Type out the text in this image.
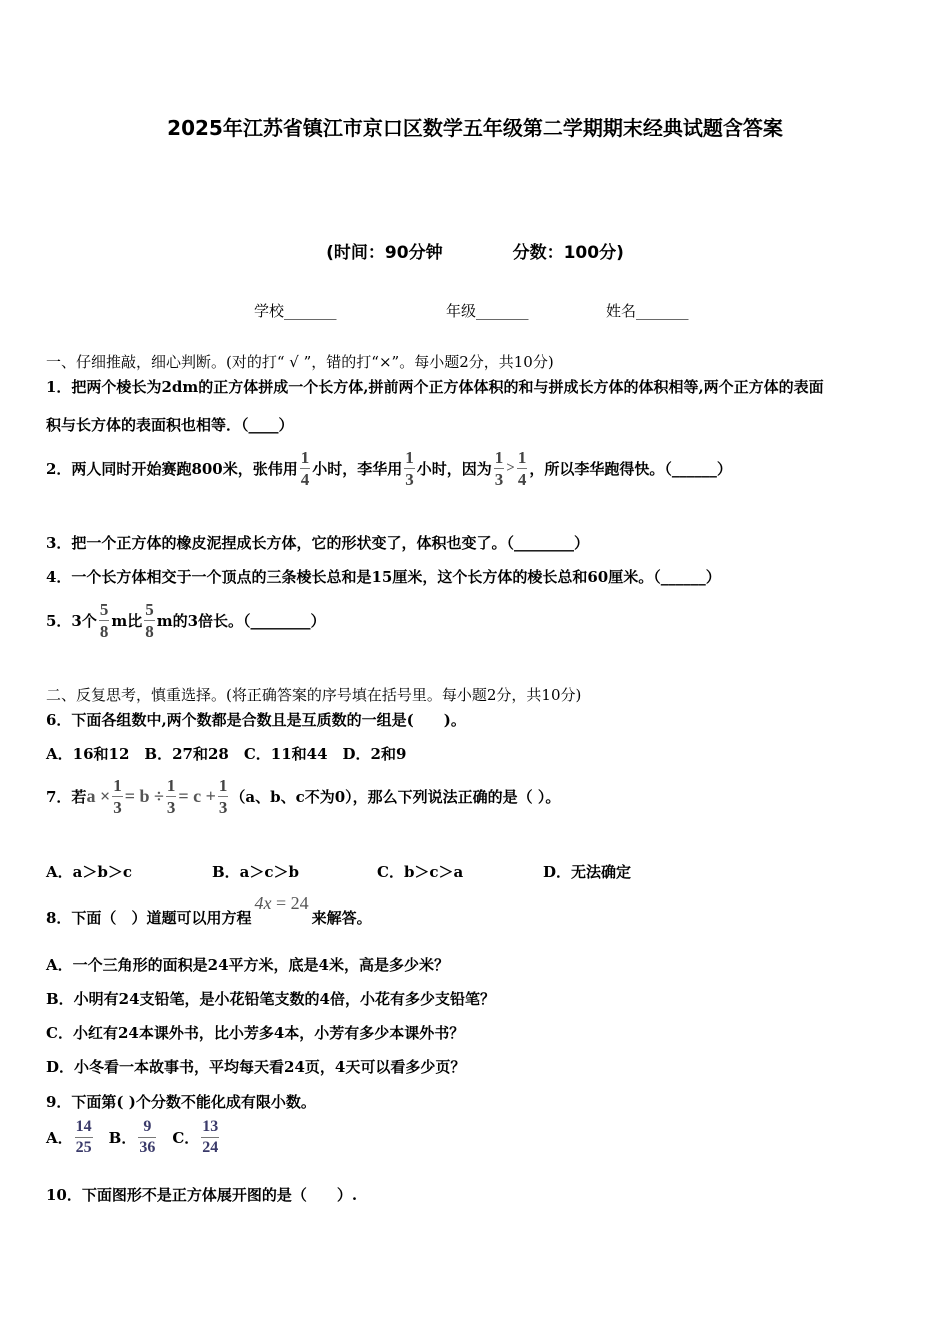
2025年江苏省镇江市京口区数学五年级第二学期期末经典试题含答案
(时间：90分钟	分数：100分)
学校_______	年级_______	姓名_______
一、仔细推敲，细心判断。(对的打“ √ ”，错的打“×”。每小题2分，共10分)
1．把两个棱长为2dm的正方体拼成一个长方体,拼前两个正方体体积的和与拼成长方体的体积相等,两个正方体的表面
积与长方体的表面积也相等．（____）
2．两人同时开始赛跑800米，张伟用 $\frac{1}{4}$ 小时，李华用 $\frac{1}{3}$ 小时，因为 $\frac{1}{3} > \frac{1}{4}$ ，所以李华跑得快。（______）
3．把一个正方体的橡皮泥捏成长方体，它的形状变了，体积也变了。（________）
4．一个长方体相交于一个顶点的三条棱长总和是15厘米，这个长方体的棱长总和60厘米。（______）
5．3个 $\frac{5}{8}$ m比 $\frac{5}{8}$ m的3倍长。（________）
二、反复思考，慎重选择。(将正确答案的序号填在括号里。每小题2分，共10分)
6．下面各组数中,两个数都是合数且是互质数的一组是(　　)。
A．16和12　B．27和28　C．11和44　D．2和9
7．若 $a \times \frac{1}{3} = b \div \frac{1}{3} = c + \frac{1}{3} (a$、b、c不为0），那么下列说法正确的是（ ）。
A．a＞b＞c	B．a＞c＞b	C．b＞c＞a	D．无法确定
8．下面（　）道题可以用方程
4x = 24
来解答。
A．一个三角形的面积是24平方米，底是4米，高是多少米？
B．小明有24支铅笔，是小花铅笔支数的4倍，小花有多少支铅笔？
C．小红有24本课外书，比小芳多4本，小芳有多少本课外书？
D．小冬看一本故事书，平均每天看24页，4天可以看多少页？
9．下面第( )个分数不能化成有限小数。
A． $\frac{14}{25}$ B． $\frac{9}{36}$ C． $\frac{13}{24}$
10．下面图形不是正方体展开图的是（　　）.
